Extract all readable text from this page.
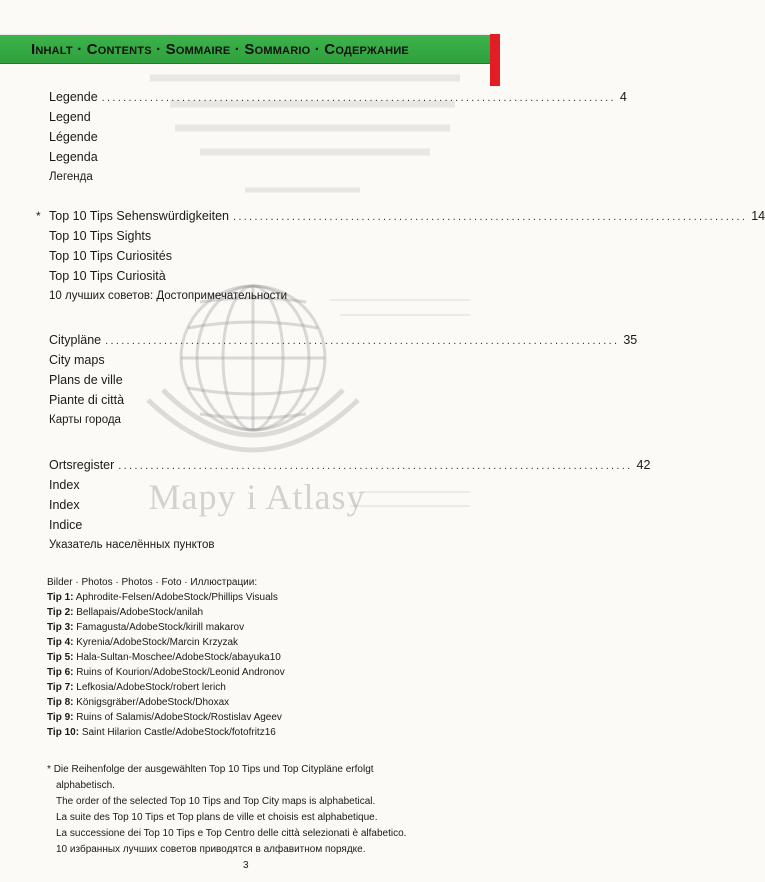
Mapy i Atlasy
Inhalt · Contents · Sommaire · Sommario · Содержание
Legende ................................................................................................ 4
Legend
Légende
Legenda
Легенда
* Top 10 Tips Sehenswürdigkeiten ................................................................................................ 14
Top 10 Tips Sights
Top 10 Tips Curiosités
Top 10 Tips Curiosità
10 лучших советов: Достопримечательности
Citypläne ................................................................................................ 35
City maps
Plans de ville
Piante di città
Карты города
Ortsregister ................................................................................................ 42
Index
Index
Indice
Указатель населённых пунктов
Bilder · Photos · Photos · Foto · Иллюстрации:
Tip 1: Aphrodite-Felsen/AdobeStock/Phillips Visuals
Tip 2: Bellapais/AdobeStock/anilah
Tip 3: Famagusta/AdobeStock/kirill makarov
Tip 4: Kyrenia/AdobeStock/Marcin Krzyzak
Tip 5: Hala-Sultan-Moschee/AdobeStock/abayuka10
Tip 6: Ruins of Kourion/AdobeStock/Leonid Andronov
Tip 7: Lefkosia/AdobeStock/robert lerich
Tip 8: Königsgräber/AdobeStock/Dhoxax
Tip 9: Ruins of Salamis/AdobeStock/Rostislav Ageev
Tip 10: Saint Hilarion Castle/AdobeStock/fotofritz16
* Die Reihenfolge der ausgewählten Top 10 Tips und Top Citypläne erfolgt
alphabetisch.
The order of the selected Top 10 Tips and Top City maps is alphabetical.
La suite des Top 10 Tips et Top plans de ville et choisis est alphabetique.
La successione dei Top 10 Tips e Top Centro delle città selezionati è alfabetico.
10 избранных лучших советов приводятся в алфавитном порядке.
3
